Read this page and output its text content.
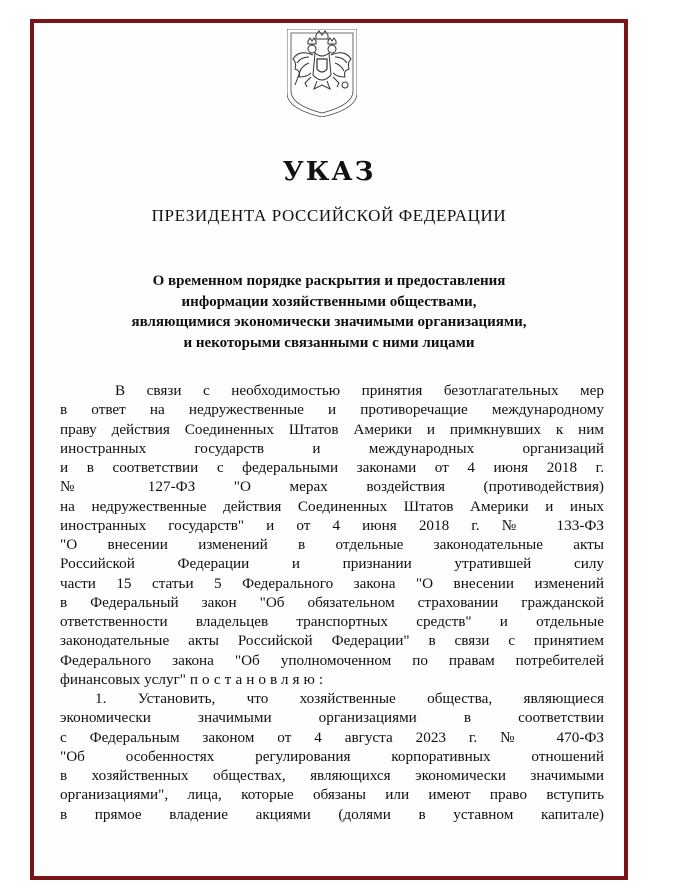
УКАЗ
ПРЕЗИДЕНТА РОССИЙСКОЙ ФЕДЕРАЦИИ
О временном порядке раскрытия и предоставления
информации хозяйственными обществами,
являющимися экономически значимыми организациями,
и некоторыми связанными с ними лицами
В связи с необходимостью принятия безотлагательных мер
в ответ на недружественные и противоречащие международному
праву действия Соединенных Штатов Америки и примкнувших к ним
иностранных государств и международных организаций
и в соответствии с федеральными законами от 4 июня 2018 г.
№ 127-ФЗ "О мерах воздействия (противодействия)
на недружественные действия Соединенных Штатов Америки и иных
иностранных государств" и от 4 июня 2018 г. № 133-ФЗ
"О внесении изменений в отдельные законодательные акты
Российской Федерации и признании утратившей силу
части 15 статьи 5 Федерального закона "О внесении изменений
в Федеральный закон "Об обязательном страховании гражданской
ответственности владельцев транспортных средств" и отдельные
законодательные акты Российской Федерации" в связи с принятием
Федерального закона "Об уполномоченном по правам потребителей
финансовых услуг" постановляю:
1. Установить, что хозяйственные общества, являющиеся
экономически значимыми организациями в соответствии
с Федеральным законом от 4 августа 2023 г. № 470-ФЗ
"Об особенностях регулирования корпоративных отношений
в хозяйственных обществах, являющихся экономически значимыми
организациями", лица, которые обязаны или имеют право вступить
в прямое владение акциями (долями в уставном капитале)
